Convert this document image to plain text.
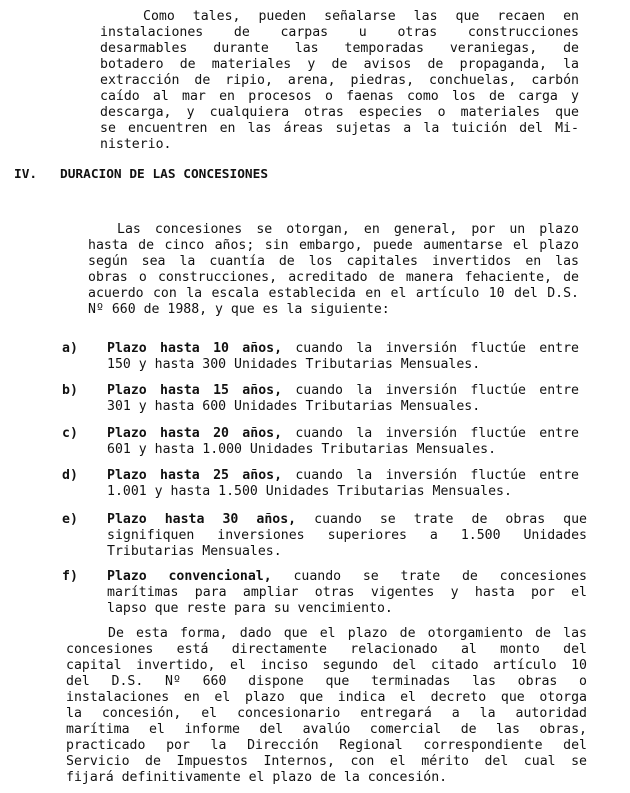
Como tales, pueden señalarse las que recaen en
instalaciones de carpas u otras construcciones
desarmables durante las temporadas veraniegas, de
botadero de materiales y de avisos de propaganda, la
extracción de ripio, arena, piedras, conchuelas, carbón
caído al mar en procesos o faenas como los de carga y
descarga, y cualquiera otras especies o materiales que
se encuentren en las áreas sujetas a la tuición del Mi-
nisterio.
IV. DURACION DE LAS CONCESIONES
Las concesiones se otorgan, en general, por un plazo
hasta de cinco años; sin embargo, puede aumentarse el plazo
según sea la cuantía de los capitales invertidos en las
obras o construcciones, acreditado de manera fehaciente, de
acuerdo con la escala establecida en el artículo 10 del D.S.
Nº 660 de 1988, y que es la siguiente:
a) Plazo hasta 10 años, cuando la inversión fluctúe entre
150 y hasta 300 Unidades Tributarias Mensuales.
b) Plazo hasta 15 años, cuando la inversión fluctúe entre
301 y hasta 600 Unidades Tributarias Mensuales.
c) Plazo hasta 20 años, cuando la inversión fluctúe entre
601 y hasta 1.000 Unidades Tributarias Mensuales.
d) Plazo hasta 25 años, cuando la inversión fluctúe entre
1.001 y hasta 1.500 Unidades Tributarias Mensuales.
e) Plazo hasta 30 años, cuando se trate de obras que
signifiquen inversiones superiores a 1.500 Unidades
Tributarias Mensuales.
f) Plazo convencional, cuando se trate de concesiones
marítimas para ampliar otras vigentes y hasta por el
lapso que reste para su vencimiento.
De esta forma, dado que el plazo de otorgamiento de las
concesiones está directamente relacionado al monto del
capital invertido, el inciso segundo del citado artículo 10
del D.S. Nº 660 dispone que terminadas las obras o
instalaciones en el plazo que indica el decreto que otorga
la concesión, el concesionario entregará a la autoridad
marítima el informe del avalúo comercial de las obras,
practicado por la Dirección Regional correspondiente del
Servicio de Impuestos Internos, con el mérito del cual se
fijará definitivamente el plazo de la concesión.
